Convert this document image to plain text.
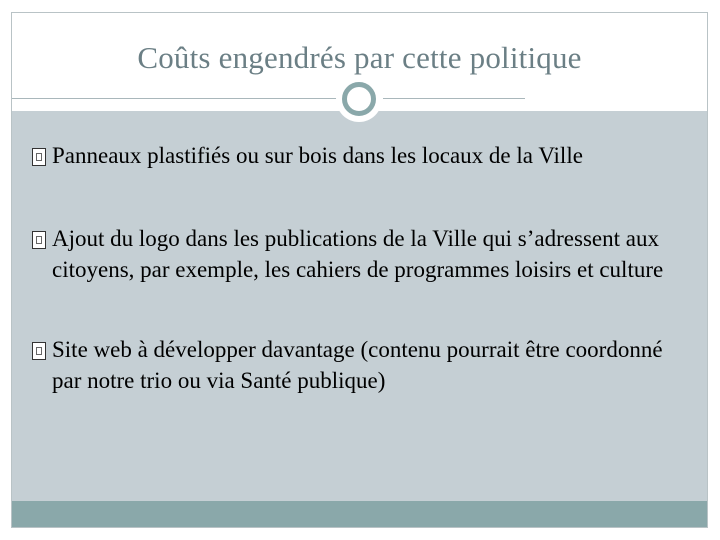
Coûts engendrés par cette politique
Panneaux plastifiés ou sur bois dans les locaux de la Ville
Ajout du logo dans les publications de la Ville qui s’adressent aux citoyens, par exemple, les cahiers de programmes loisirs et culture
Site web à développer davantage (contenu pourrait être coordonné par notre trio ou via Santé publique)
